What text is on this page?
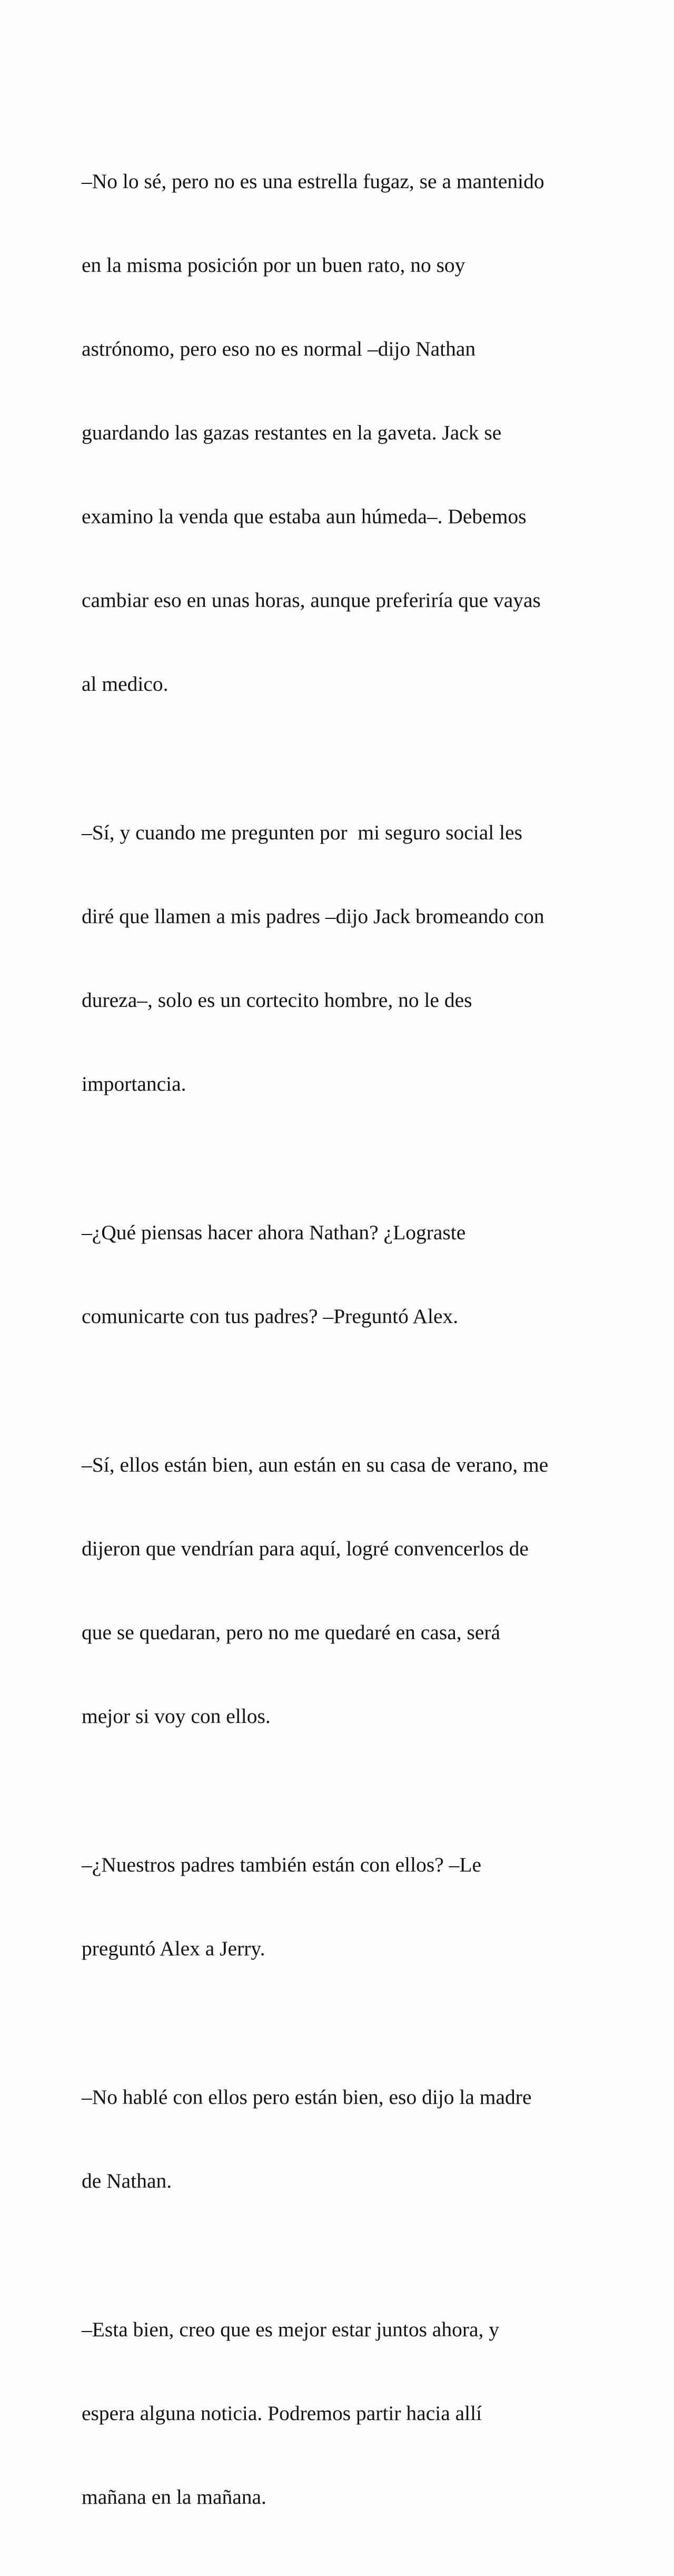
–No lo sé, pero no es una estrella fugaz, se a mantenido

en la misma posición por un buen rato, no soy

astrónomo, pero eso no es normal –dijo Nathan

guardando las gazas restantes en la gaveta. Jack se

examino la venda que estaba aun húmeda–. Debemos

cambiar eso en unas horas, aunque preferiría que vayas

al medico.

–Sí, y cuando me pregunten por  mi seguro social les

diré que llamen a mis padres –dijo Jack bromeando con

dureza–, solo es un cortecito hombre, no le des

importancia.

–¿Qué piensas hacer ahora Nathan? ¿Lograste

comunicarte con tus padres? –Preguntó Alex.

–Sí, ellos están bien, aun están en su casa de verano, me

dijeron que vendrían para aquí, logré convencerlos de

que se quedaran, pero no me quedaré en casa, será

mejor si voy con ellos.

–¿Nuestros padres también están con ellos? –Le

preguntó Alex a Jerry.

–No hablé con ellos pero están bien, eso dijo la madre

de Nathan.

–Esta bien, creo que es mejor estar juntos ahora, y

espera alguna noticia. Podremos partir hacia allí

mañana en la mañana.
